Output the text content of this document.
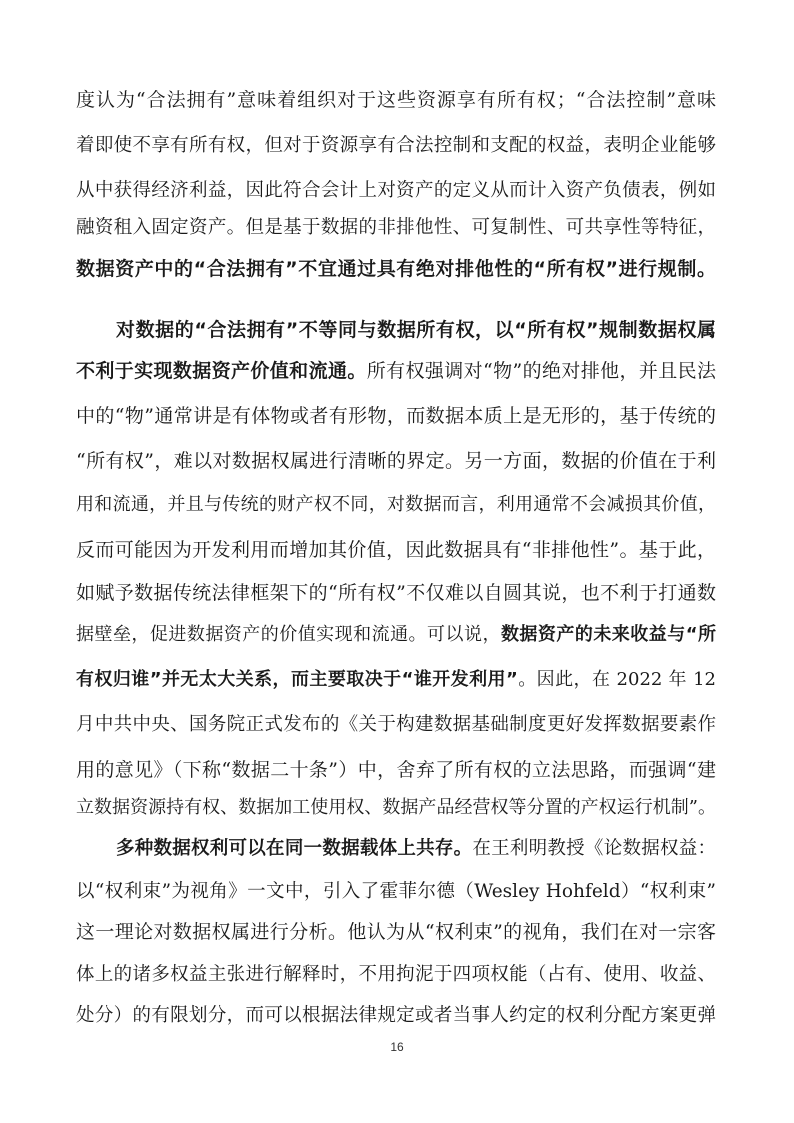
度认为“合法拥有”意味着组织对于这些资源享有所有权；“合法控制”意味
着即使不享有所有权，但对于资源享有合法控制和支配的权益，表明企业能够
从中获得经济利益，因此符合会计上对资产的定义从而计入资产负债表，例如
融资租入固定资产。但是基于数据的非排他性、可复制性、可共享性等特征，
数据资产中的“合法拥有”不宜通过具有绝对排他性的“所有权”进行规制。
对数据的“合法拥有”不等同与数据所有权，以“所有权”规制数据权属
不利于实现数据资产价值和流通。所有权强调对“物”的绝对排他，并且民法
中的“物”通常讲是有体物或者有形物，而数据本质上是无形的，基于传统的
“所有权”，难以对数据权属进行清晰的界定。另一方面，数据的价值在于利
用和流通，并且与传统的财产权不同，对数据而言，利用通常不会减损其价值，
反而可能因为开发利用而增加其价值，因此数据具有“非排他性”。基于此，
如赋予数据传统法律框架下的“所有权”不仅难以自圆其说，也不利于打通数
据壁垒，促进数据资产的价值实现和流通。可以说，数据资产的未来收益与“所
有权归谁”并无太大关系，而主要取决于“谁开发利用”。因此，在 2022 年 12
月中共中央、国务院正式发布的《关于构建数据基础制度更好发挥数据要素作
用的意见》（下称“数据二十条”）中，舍弃了所有权的立法思路，而强调“建
立数据资源持有权、数据加工使用权、数据产品经营权等分置的产权运行机制”。
多种数据权利可以在同一数据载体上共存。在王利明教授《论数据权益：
以“权利束”为视角》一文中，引入了霍菲尔德（Wesley Hohfeld）“权利束”
这一理论对数据权属进行分析。他认为从“权利束”的视角，我们在对一宗客
体上的诸多权益主张进行解释时，不用拘泥于四项权能（占有、使用、收益、
处分）的有限划分，而可以根据法律规定或者当事人约定的权利分配方案更弹
16
